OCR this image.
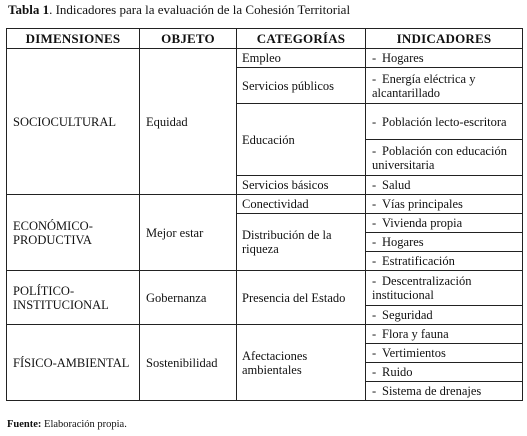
Tabla 1. Indicadores para la evaluación de la Cohesión Territorial
DIMENSIONES	OBJETO	CATEGORÍAS	INDICADORES
SOCIOCULTURAL	Equidad	Empleo	- Hogares
		Servicios públicos	- Energía eléctrica y alcantarillado
		Educación	- Población lecto-escritora
			- Población con educación universitaria
		Servicios básicos	- Salud
ECONÓMICO-PRODUCTIVA	Mejor estar	Conectividad	- Vías principales
		Distribución de la riqueza	- Vivienda propia
			- Hogares
			- Estratificación
POLÍTICO-INSTITUCIONAL	Gobernanza	Presencia del Estado	- Descentralización institucional
			- Seguridad
FÍSICO-AMBIENTAL	Sostenibilidad	Afectaciones ambientales	- Flora y fauna
			- Vertimientos
			- Ruido
			- Sistema de drenajes
Fuente: Elaboración propia.
